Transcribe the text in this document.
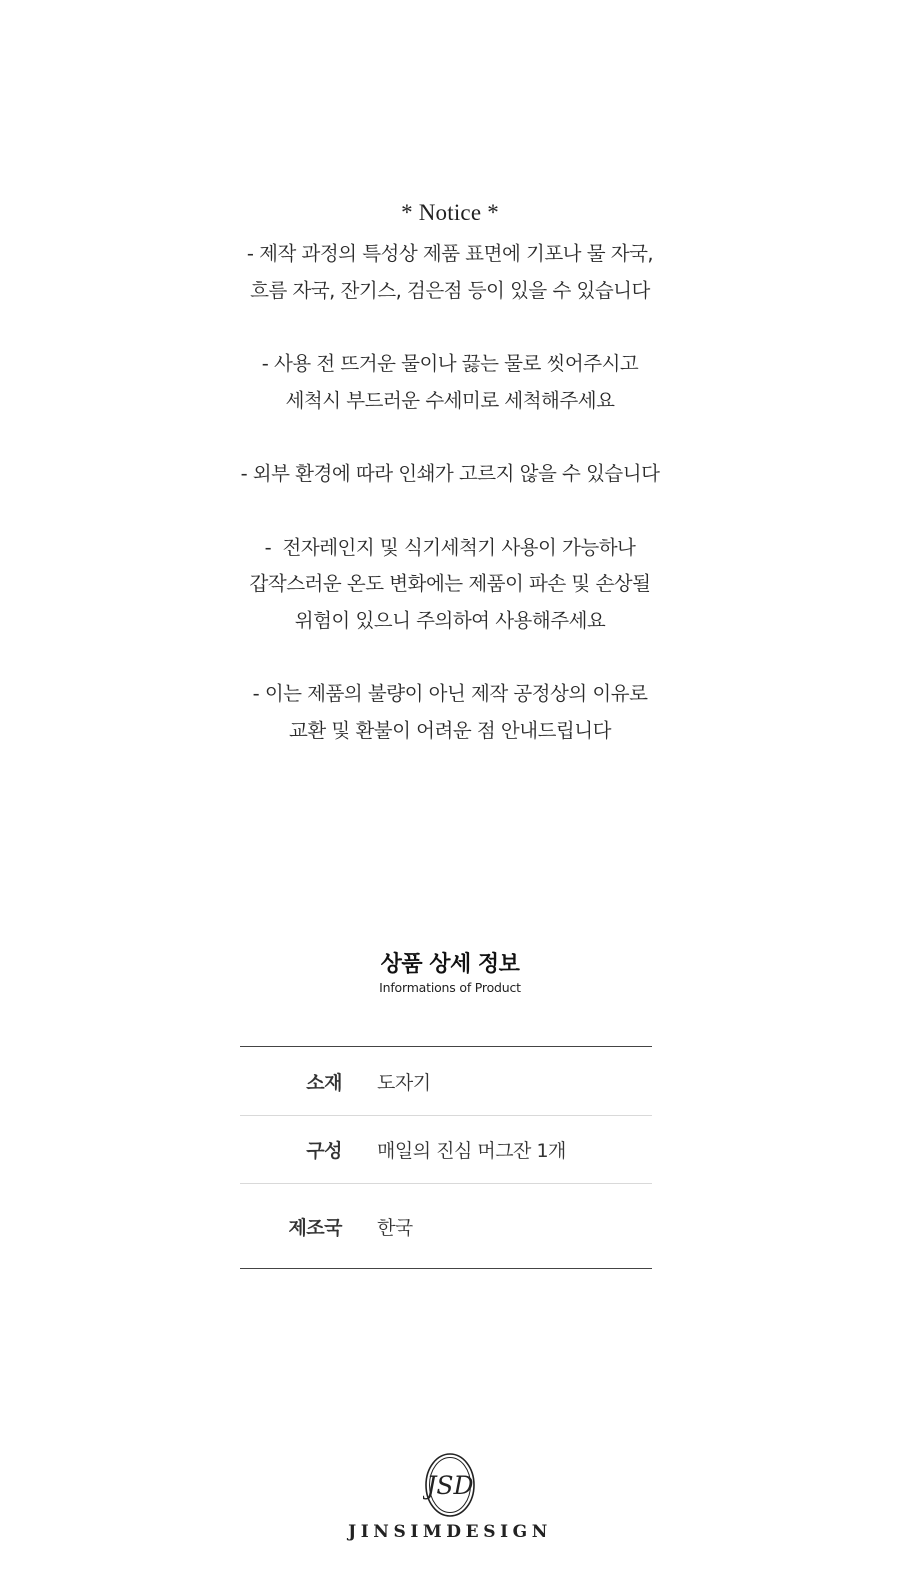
* Notice *

- 제작 과정의 특성상 제품 표면에 기포나 물 자국,
흐름 자국, 잔기스, 검은점 등이 있을 수 있습니다

- 사용 전 뜨거운 물이나 끓는 물로 씻어주시고
세척시 부드러운 수세미로 세척해주세요

- 외부 환경에 따라 인쇄가 고르지 않을 수 있습니다

-  전자레인지 및 식기세척기 사용이 가능하나
갑작스러운 온도 변화에는 제품이 파손 및 손상될
위험이 있으니 주의하여 사용해주세요

- 이는 제품의 불량이 아닌 제작 공정상의 이유로
교환 및 환불이 어려운 점 안내드립니다

상품 상세 정보
Informations of Product
소재 도자기
구성 매일의 진심 머그잔 1개
제조국 한국
JSD
JINSIMDESIGN
